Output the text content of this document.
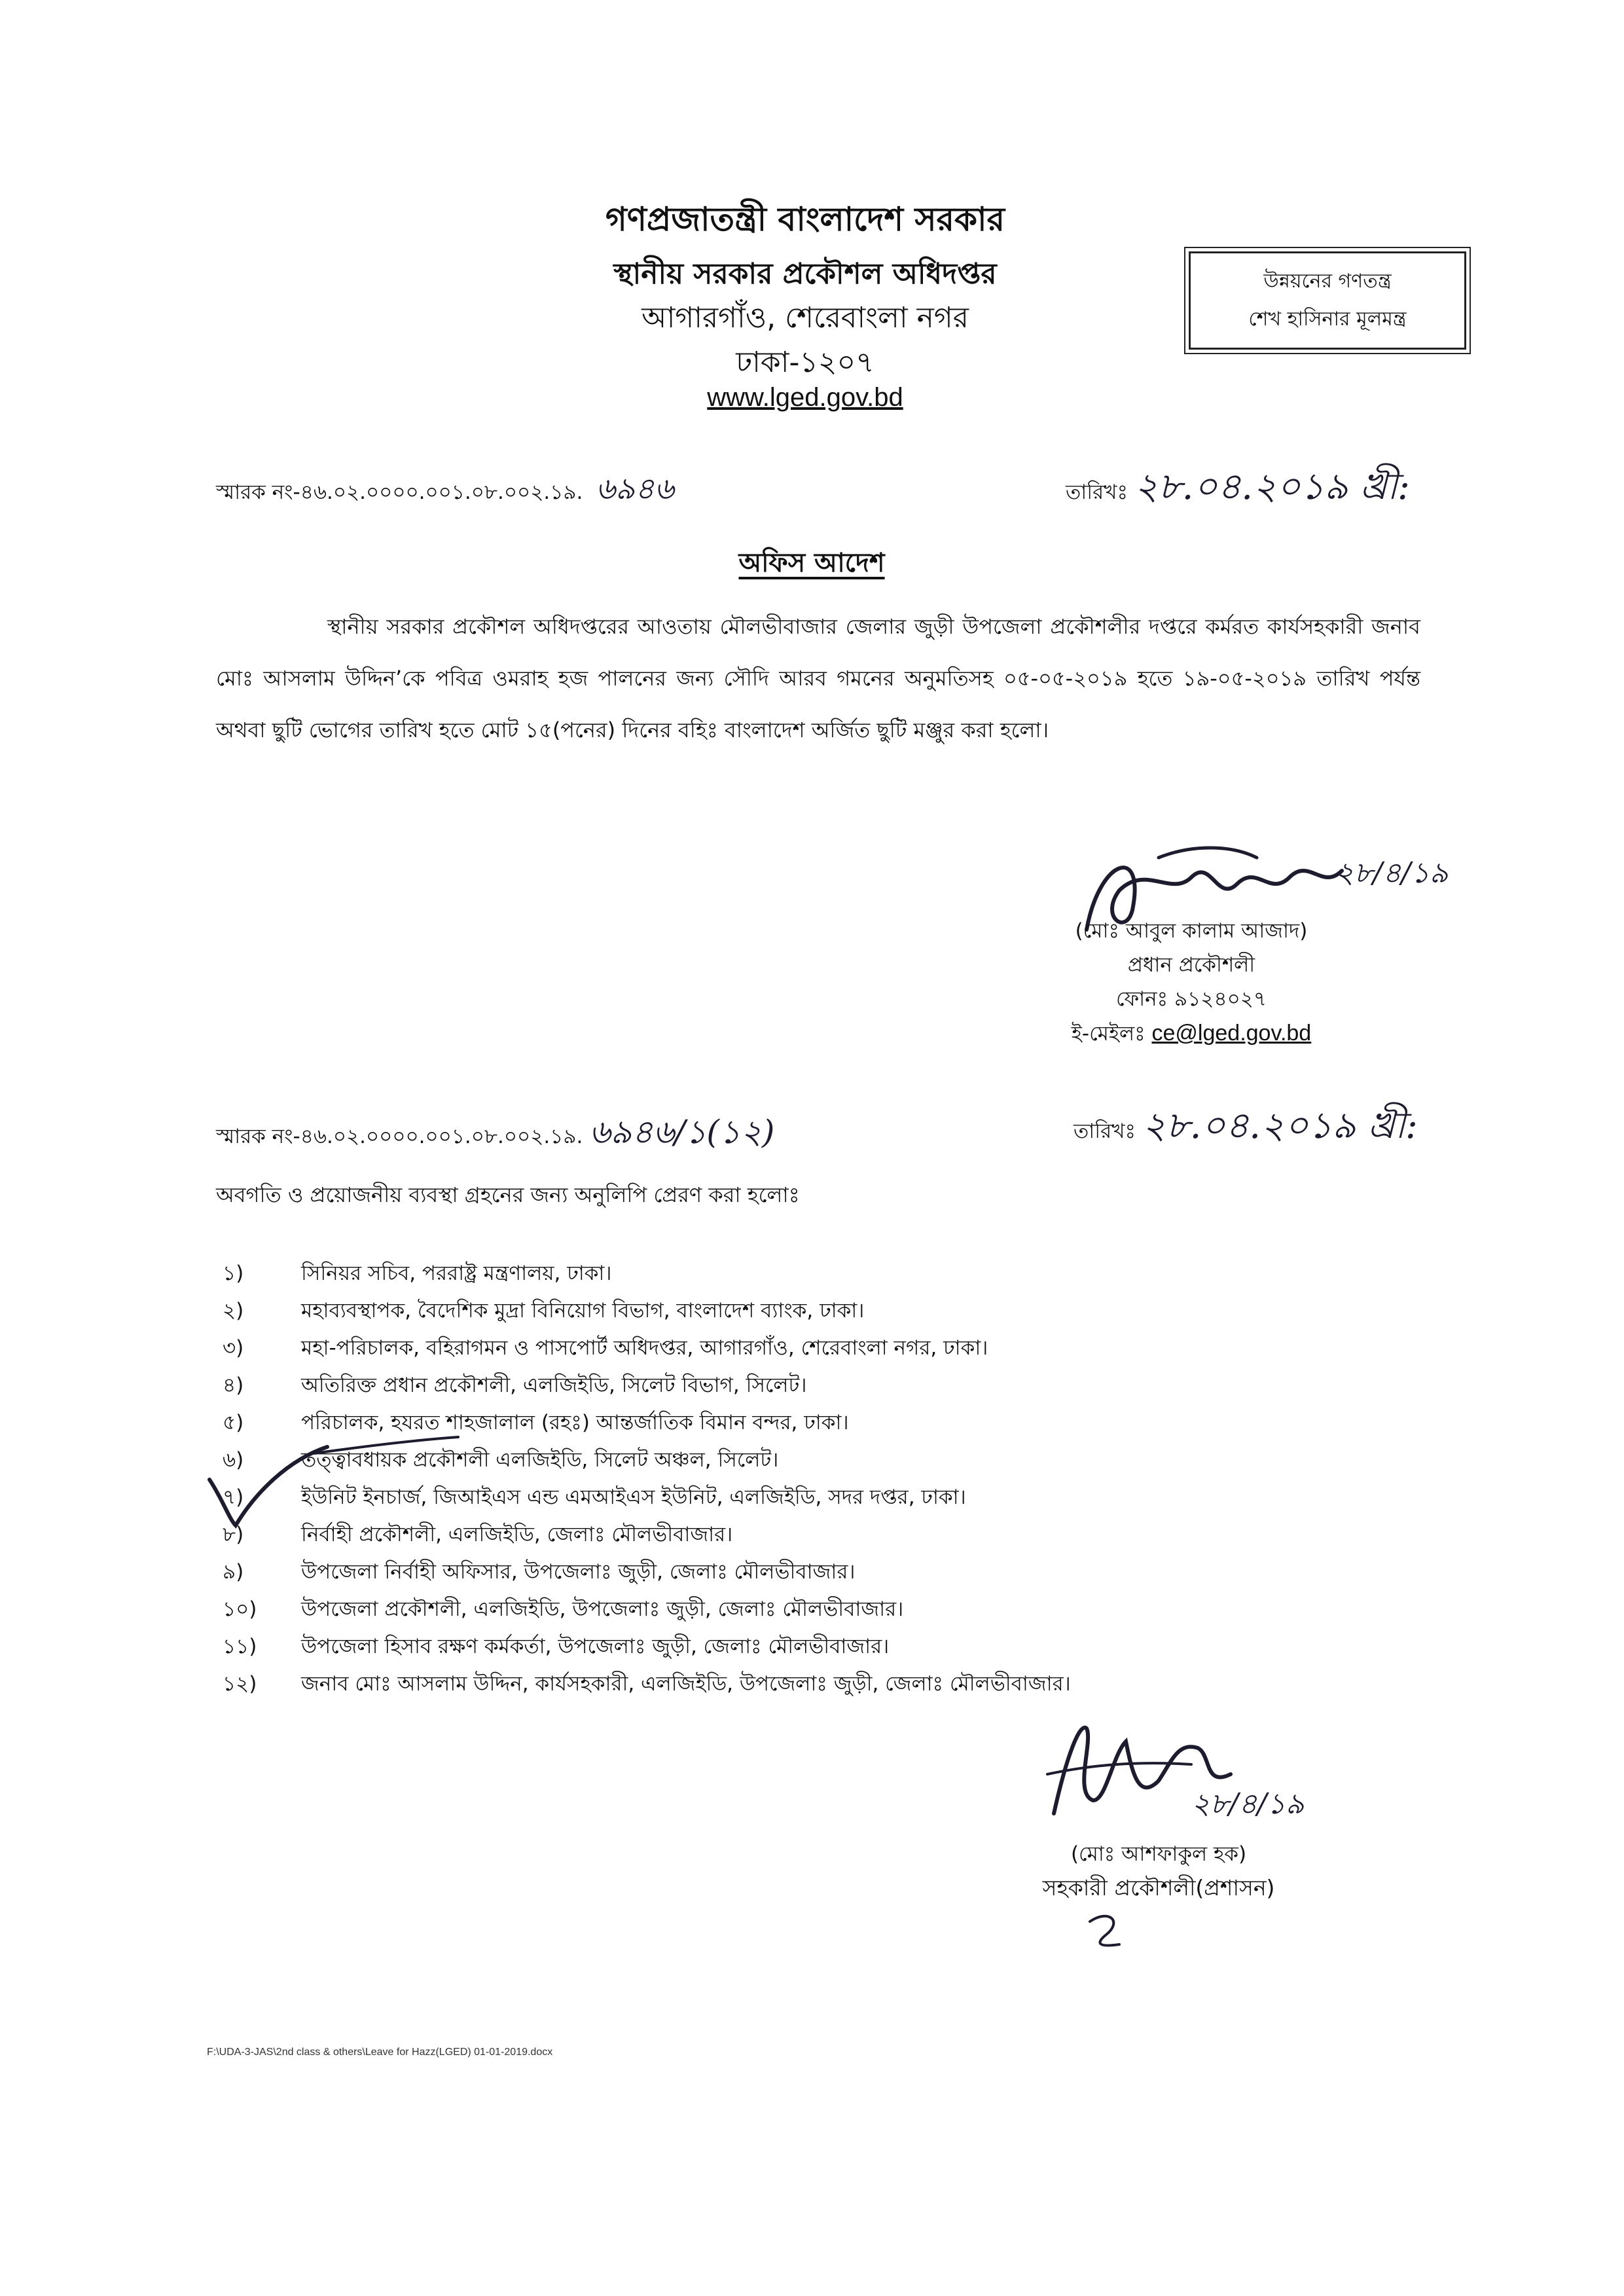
গণপ্রজাতন্ত্রী বাংলাদেশ সরকার
স্থানীয় সরকার প্রকৌশল অধিদপ্তর
আগারগাঁও, শেরেবাংলা নগর
ঢাকা-১২০৭
www.lged.gov.bd
উন্নয়নের গণতন্ত্র
শেখ হাসিনার মূলমন্ত্র
স্মারক নং-৪৬.০২.০০০০.০০১.০৮.০০২.১৯. ৬৯৪৬	তারিখঃ ২৮.০৪.২০১৯ খ্রী:
অফিস আদেশ
স্থানীয় সরকার প্রকৌশল অধিদপ্তরের আওতায় মৌলভীবাজার জেলার জুড়ী উপজেলা প্রকৌশলীর দপ্তরে কর্মরত কার্যসহকারী জনাব মোঃ আসলাম উদ্দিন’কে পবিত্র ওমরাহ হজ পালনের জন্য সৌদি আরব গমনের অনুমতিসহ ০৫-০৫-২০১৯ হতে ১৯-০৫-২০১৯ তারিখ পর্যন্ত অথবা ছুটি ভোগের তারিখ হতে মোট ১৫(পনের) দিনের বহিঃ বাংলাদেশ অর্জিত ছুটি মঞ্জুর করা হলো।
২৮/৪/১৯
(মোঃ আবুল কালাম আজাদ)
প্রধান প্রকৌশলী
ফোনঃ ৯১২৪০২৭
ই-মেইলঃ ce@lged.gov.bd
স্মারক নং-৪৬.০২.০০০০.০০১.০৮.০০২.১৯. ৬৯৪৬/১(১২)	তারিখঃ ২৮.০৪.২০১৯ খ্রী:
অবগতি ও প্রয়োজনীয় ব্যবস্থা গ্রহনের জন্য অনুলিপি প্রেরণ করা হলোঃ
১)	সিনিয়র সচিব, পররাষ্ট্র মন্ত্রণালয়, ঢাকা।
২)	মহাব্যবস্থাপক, বৈদেশিক মুদ্রা বিনিয়োগ বিভাগ, বাংলাদেশ ব্যাংক, ঢাকা।
৩)	মহা-পরিচালক, বহিরাগমন ও পাসপোর্ট অধিদপ্তর, আগারগাঁও, শেরেবাংলা নগর, ঢাকা।
৪)	অতিরিক্ত প্রধান প্রকৌশলী, এলজিইডি, সিলেট বিভাগ, সিলেট।
৫)	পরিচালক, হযরত শাহজালাল (রহঃ) আন্তর্জাতিক বিমান বন্দর, ঢাকা।
৬)	তত্ত্বাবধায়ক প্রকৌশলী এলজিইডি, সিলেট অঞ্চল, সিলেট।
৭)	ইউনিট ইনচার্জ, জিআইএস এন্ড এমআইএস ইউনিট, এলজিইডি, সদর দপ্তর, ঢাকা।
৮)	নির্বাহী প্রকৌশলী, এলজিইডি, জেলাঃ মৌলভীবাজার।
৯)	উপজেলা নির্বাহী অফিসার, উপজেলাঃ জুড়ী, জেলাঃ মৌলভীবাজার।
১০)	উপজেলা প্রকৌশলী, এলজিইডি, উপজেলাঃ জুড়ী, জেলাঃ মৌলভীবাজার।
১১)	উপজেলা হিসাব রক্ষণ কর্মকর্তা, উপজেলাঃ জুড়ী, জেলাঃ মৌলভীবাজার।
১২)	জনাব মোঃ আসলাম উদ্দিন, কার্যসহকারী, এলজিইডি, উপজেলাঃ জুড়ী, জেলাঃ মৌলভীবাজার।
২৮/৪/১৯
(মোঃ আশফাকুল হক)
সহকারী প্রকৌশলী(প্রশাসন)
F:\UDA-3-JAS\2nd class & others\Leave for Hazz(LGED) 01-01-2019.docx
